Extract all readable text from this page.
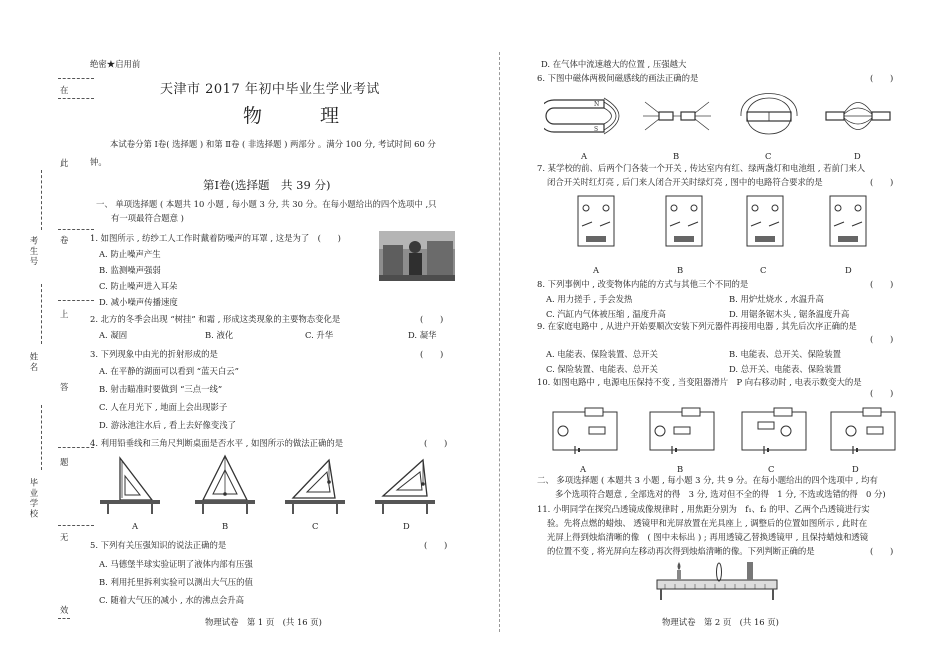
在
此
卷
上
答
题
无
效
考生号
姓名
毕业学校
绝密★启用前
天津市 2017 年初中毕业生学业考试
物 理
本试卷分第 Ⅰ卷( 选择题 ) 和第 Ⅱ卷 ( 非选择题 ) 两部分 。满分 100 分, 考试时间 60 分
钟。
第Ⅰ卷(选择题　共 39 分)
一、 单项选择题 ( 本题共 10 小题 , 每小题 3 分, 共 30 分。在每小题给出的四个选项中 ,只
有一项最符合题意 )
1. 如图所示 , 纺纱工人工作时戴着防噪声的耳罩 , 这是为了　(　　)
A. 防止噪声产生
B. 监测噪声强弱
C. 防止噪声进入耳朵
D. 减小噪声传播速度
2. 北方的冬季会出现 “树挂” 和霜 , 形成这类现象的主要物态变化是	(　　)
A. 凝固	B. 液化	C. 升华	D. 凝华
3. 下列现象中由光的折射形成的是	(　　)
A. 在平静的湖面可以看到 “蓝天白云”
B. 射击瞄准时要做到 “三点一线”
C. 人在月光下 , 地面上会出现影子
D. 游泳池注水后 , 看上去好像变浅了
4. 利用铅垂线和三角尺判断桌面是否水平 , 如图所示的做法正确的是	(　　)
A	B	C	D
5. 下列有关压强知识的说法正确的是	(　　)
A. 马德堡半球实验证明了液体内部有压强
B. 利用托里拆利实验可以测出大气压的值
C. 随着大气压的减小 , 水的沸点会升高
物理试卷　第 1 页　(共 16 页)
D. 在气体中流速越大的位置 , 压强越大
6. 下图中磁体两极间磁感线的画法正确的是	(　　)
N
S
A	B	C	D
7. 某学校的前、后两个门各装一个开关 , 传达室内有红、绿两盏灯和电池组 , 若前门来人
闭合开关时红灯亮 , 后门来人闭合开关时绿灯亮 , 图中的电路符合要求的是	(　　)
A	B	C	D
8. 下列事例中 , 改变物体内能的方式与其他三个不同的是	(　　)
A. 用力搓手 , 手会发热	B. 用炉灶烧水 , 水温升高
C. 汽缸内气体被压缩 , 温度升高	D. 用锯条锯木头 , 锯条温度升高
9. 在家庭电路中 , 从进户开始要顺次安装下列元器件再接用电器 , 其先后次序正确的是
(　　)
A. 电能表、保险装置、总开关	B. 电能表、总开关、保险装置
C. 保险装置、电能表、总开关	D. 总开关、电能表、保险装置
10. 如图电路中 , 电源电压保持不变 , 当变阻器滑片　P 向右移动时 , 电表示数变大的是
(　　)
A	B	C	D
二、 多项选择题 ( 本题共 3 小题 , 每小题 3 分, 共 9 分。在每小题给出的四个选项中 , 均有
多个选项符合题意 , 全部选对的得　3 分, 选对但不全的得　1 分, 不选或选错的得　0 分)
11. 小明同学在探究凸透镜成像规律时 , 用焦距分别为　f₁、f₂ 的甲、乙两个凸透镜进行实
验。先将点燃的蜡烛、 透镜甲和光屏放置在光具座上 , 调整后的位置如图所示 , 此时在
光屏上得到烛焰清晰的像　( 图中未标出 ) ; 再用透镜乙替换透镜甲 , 且保持蜡烛和透镜
的位置不变 , 将光屏向左移动再次得到烛焰清晰的像。下列判断正确的是	(　　)
物理试卷　第 2 页　(共 16 页)
